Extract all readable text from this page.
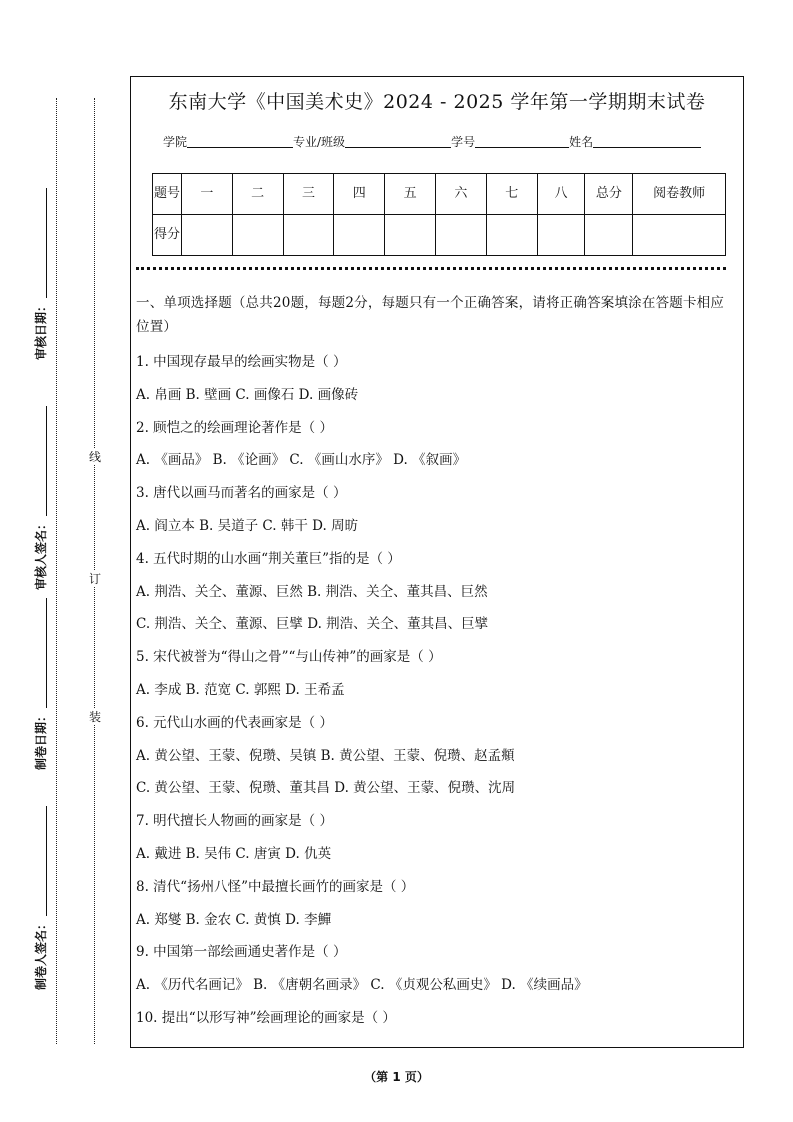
制卷人签名：
制卷日期：
审核人签名：
审核日期：
线
订
装
东南大学《中国美术史》2024 - 2025 学年第一学期期末试卷
学院	专业/班级	学号	姓名
题号	一	二	三	四	五	六	七	八	总分	阅卷教师
得分										
一、单项选择题（总共20题，每题2分，每题只有一个正确答案，请将正确答案填涂在答题卡相应位置）
1. 中国现存最早的绘画实物是（ ）
A. 帛画 B. 壁画 C. 画像石 D. 画像砖
2. 顾恺之的绘画理论著作是（ ）
A. 《画品》 B. 《论画》 C. 《画山水序》 D. 《叙画》
3. 唐代以画马而著名的画家是（ ）
A. 阎立本 B. 吴道子 C. 韩干 D. 周昉
4. 五代时期的山水画“荆关董巨”指的是（ ）
A. 荆浩、关仝、董源、巨然 B. 荆浩、关仝、董其昌、巨然
C. 荆浩、关仝、董源、巨擘 D. 荆浩、关仝、董其昌、巨擘
5. 宋代被誉为“得山之骨”“与山传神”的画家是（ ）
A. 李成 B. 范宽 C. 郭熙 D. 王希孟
6. 元代山水画的代表画家是（ ）
A. 黄公望、王蒙、倪瓒、吴镇 B. 黄公望、王蒙、倪瓒、赵孟頫
C. 黄公望、王蒙、倪瓒、董其昌 D. 黄公望、王蒙、倪瓒、沈周
7. 明代擅长人物画的画家是（ ）
A. 戴进 B. 吴伟 C. 唐寅 D. 仇英
8. 清代“扬州八怪”中最擅长画竹的画家是（ ）
A. 郑燮 B. 金农 C. 黄慎 D. 李鱓
9. 中国第一部绘画通史著作是（ ）
A. 《历代名画记》 B. 《唐朝名画录》 C. 《贞观公私画史》 D. 《续画品》
10. 提出“以形写神”绘画理论的画家是（ ）
（第 1 页）
